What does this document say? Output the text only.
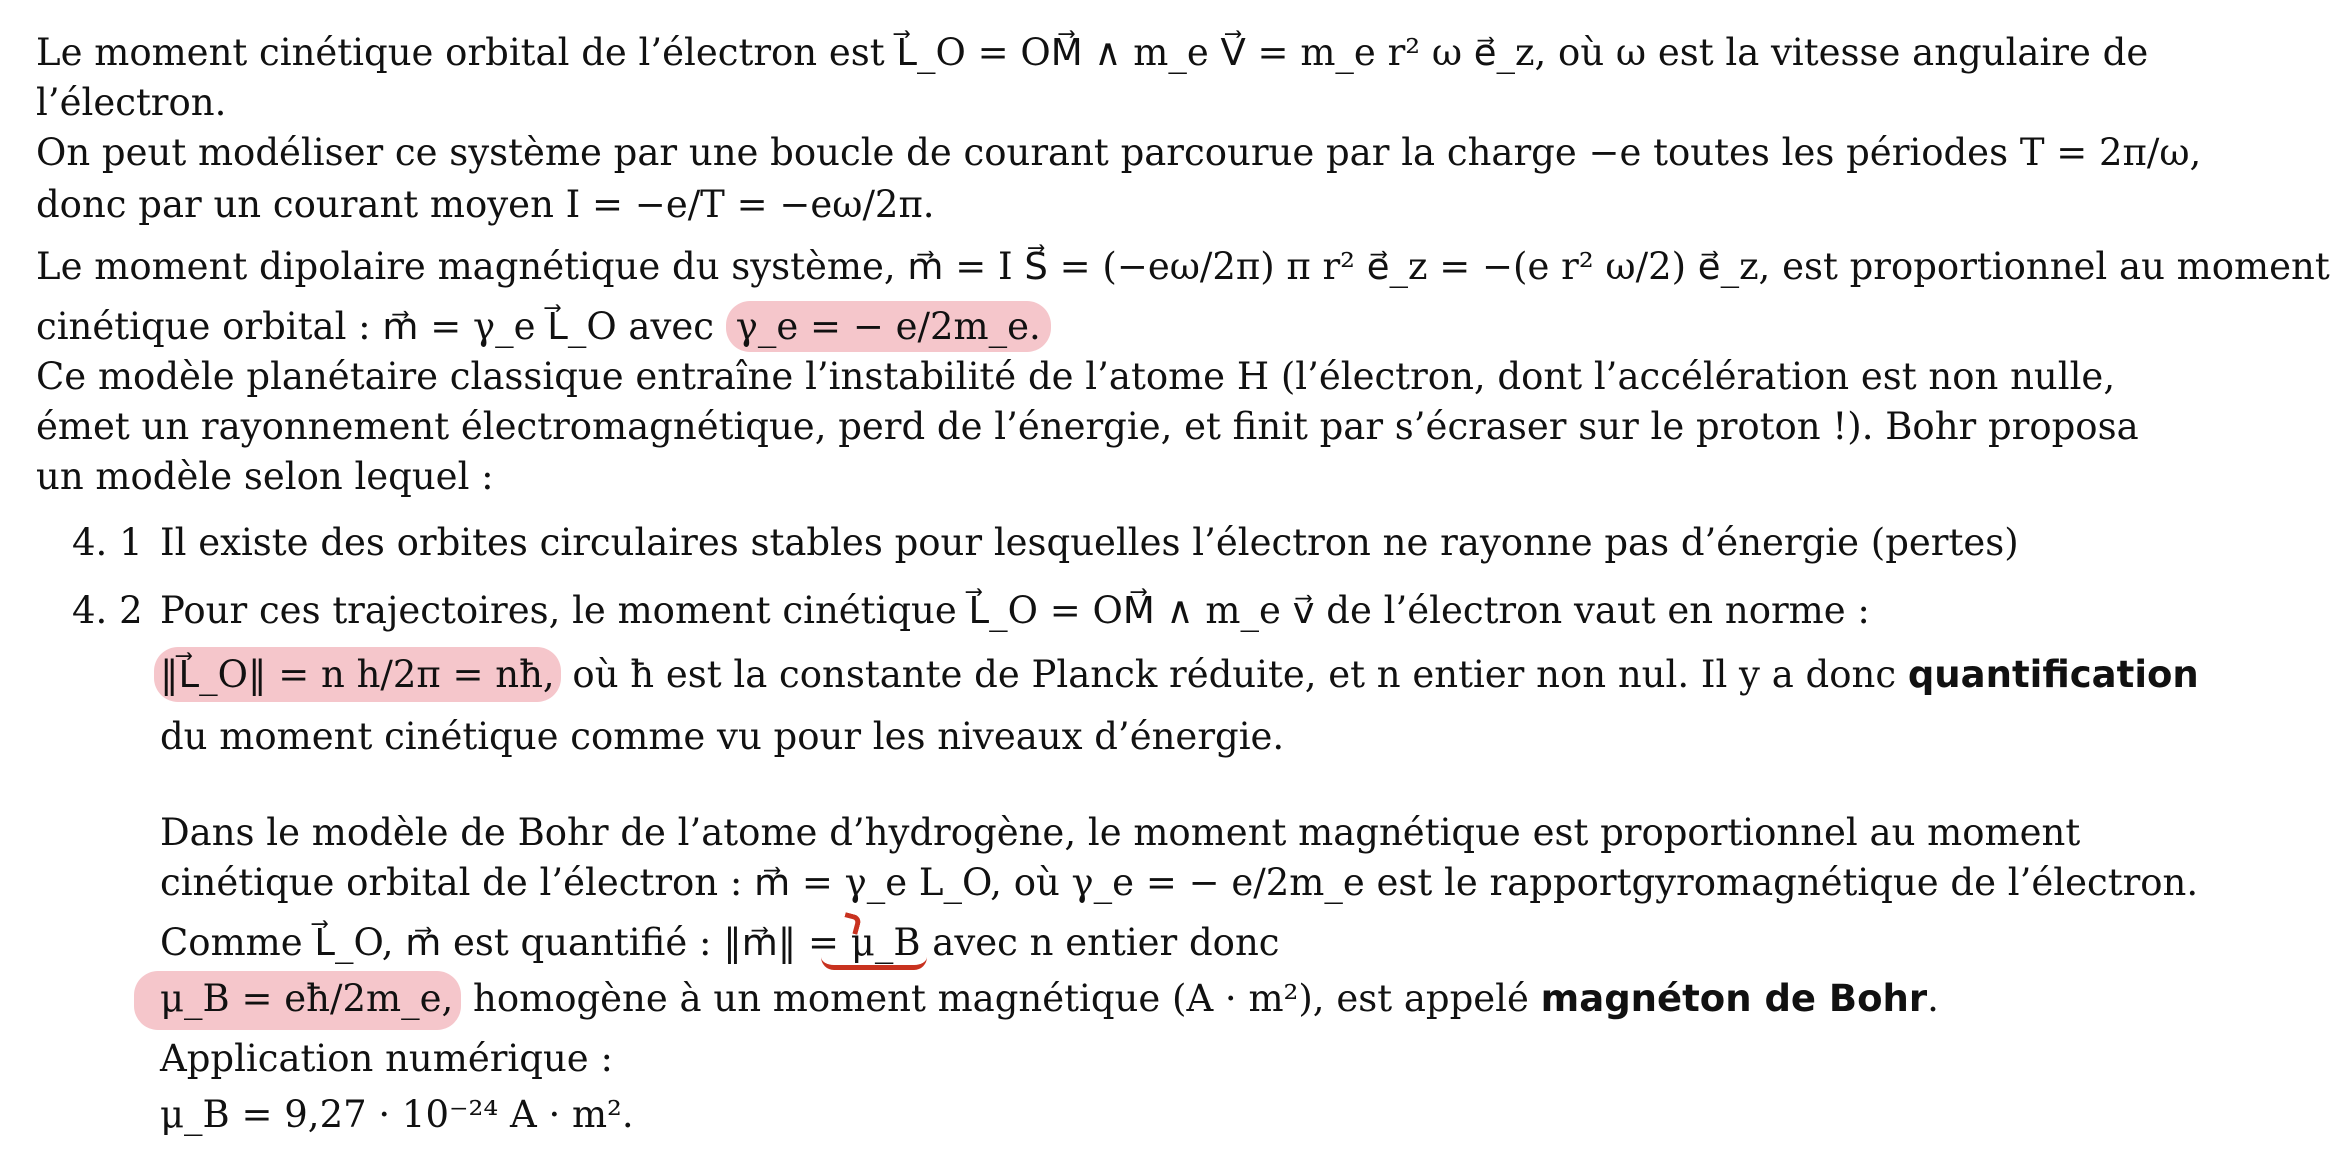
Le moment cinétique orbital de l’électron est L⃗_O = OM⃗ ∧ m_e V⃗ = m_e r² ω e⃗_z, où ω est la vitesse angulaire de
l’électron.
On peut modéliser ce système par une boucle de courant parcourue par la charge −e toutes les périodes T = 2π/ω,
donc par un courant moyen I = −e/T = −eω/2π.
Le moment dipolaire magnétique du système, m⃗ = I S⃗ = (−eω/2π) π r² e⃗_z = −(e r² ω/2) e⃗_z, est proportionnel au moment
cinétique orbital : m⃗ = γ_e L⃗_O avec γ_e = − e/2m_e.
Ce modèle planétaire classique entraîne l’instabilité de l’atome H (l’électron, dont l’accélération est non nulle,
émet un rayonnement électromagnétique, perd de l’énergie, et finit par s’écraser sur le proton !). Bohr proposa
un modèle selon lequel :
4. 1 Il existe des orbites circulaires stables pour lesquelles l’électron ne rayonne pas d’énergie (pertes)
4. 2 Pour ces trajectoires, le moment cinétique L⃗_O = OM⃗ ∧ m_e v⃗ de l’électron vaut en norme :
‖L⃗_O‖ = n h/2π = nħ, où ħ est la constante de Planck réduite, et n entier non nul. Il y a donc quantification
du moment cinétique comme vu pour les niveaux d’énergie.
Dans le modèle de Bohr de l’atome d’hydrogène, le moment magnétique est proportionnel au moment
cinétique orbital de l’électron : m⃗ = γ_e L_O, où γ_e = − e/2m_e est le rapportgyromagnétique de l’électron.
Comme L⃗_O, m⃗ est quantifié : ‖m⃗‖ = μ_B
avec n entier donc
μ_B = eħ/2m_e, homogène à un moment magnétique (A · m²), est appelé magnéton de Bohr.
Application numérique :
μ_B = 9,27 · 10⁻²⁴ A · m².
